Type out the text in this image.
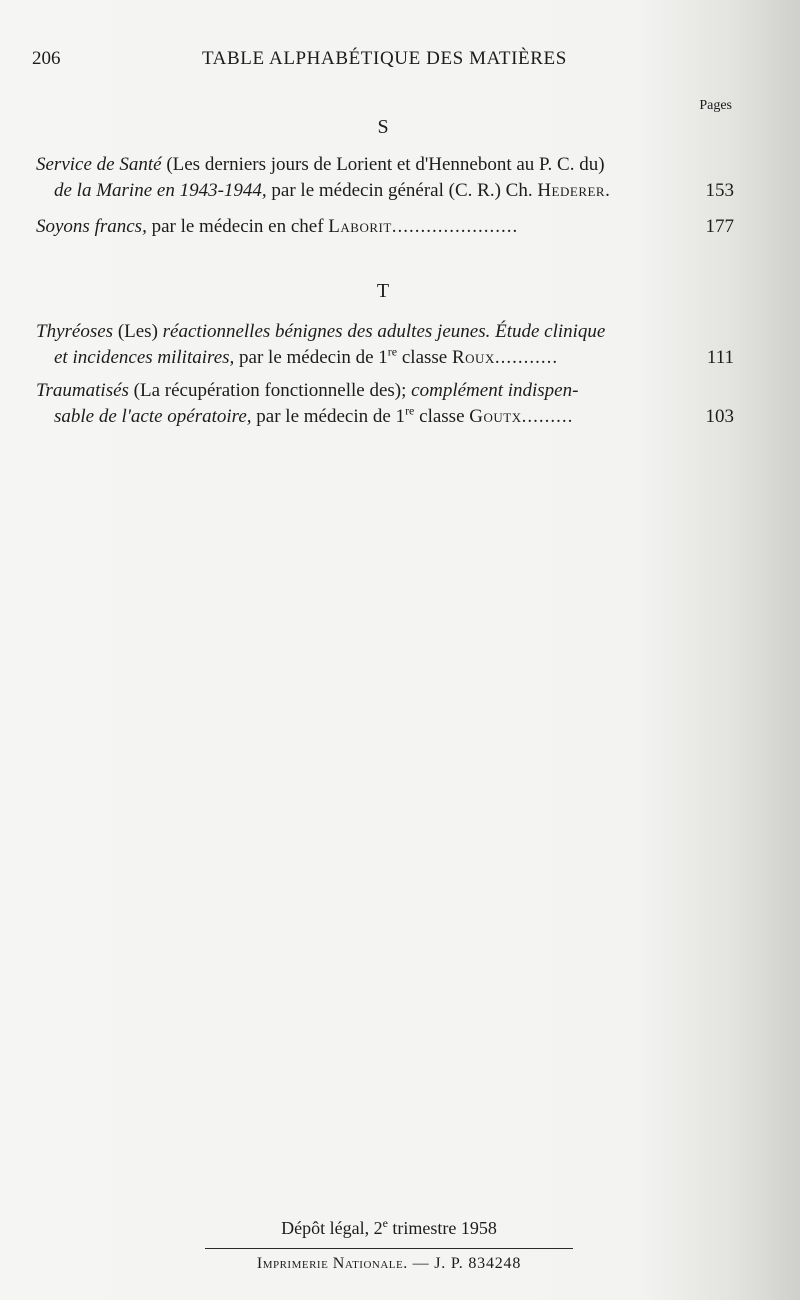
206	TABLE ALPHABÉTIQUE DES MATIÈRES
Pages
S
Service de Santé (Les derniers jours de Lorient et d'Hennebont au P. C. du)
de la Marine en 1943-1944, par le médecin général (C. R.) Ch. Hederer.	153
Soyons francs, par le médecin en chef Laborit......................	177
T
Thyréoses (Les) réactionnelles bénignes des adultes jeunes. Étude clinique
et incidences militaires, par le médecin de 1re classe Roux...........	111
Traumatisés (La récupération fonctionnelle des); complément indispen-
sable de l'acte opératoire, par le médecin de 1re classe Goutx.........	103
Dépôt légal, 2e trimestre 1958
Imprimerie Nationale. — J. P. 834248
